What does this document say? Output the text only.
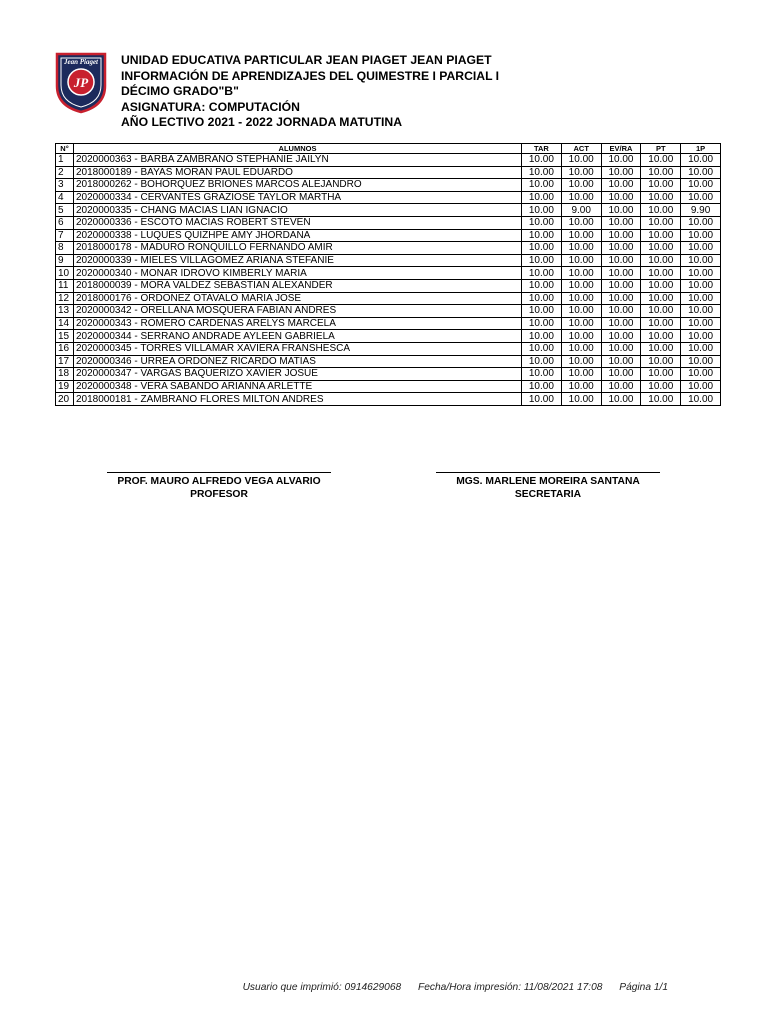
Jean Piaget
JP
UNIDAD EDUCATIVA PARTICULAR JEAN PIAGET JEAN PIAGET
INFORMACIÓN DE APRENDIZAJES DEL QUIMESTRE I PARCIAL I
DÉCIMO GRADO"B"
ASIGNATURA: COMPUTACIÓN
AÑO LECTIVO 2021 - 2022 JORNADA MATUTINA
N°	ALUMNOS	TAR	ACT	EV/RA	PT	1P
1	2020000363 - BARBA ZAMBRANO STEPHANIE JAILYN	10.00	10.00	10.00	10.00	10.00
2	2018000189 - BAYAS MORAN PAUL EDUARDO	10.00	10.00	10.00	10.00	10.00
3	2018000262 - BOHORQUEZ BRIONES MARCOS ALEJANDRO	10.00	10.00	10.00	10.00	10.00
4	2020000334 - CERVANTES GRAZIOSE TAYLOR MARTHA	10.00	10.00	10.00	10.00	10.00
5	2020000335 - CHANG MACIAS LIAN IGNACIO	10.00	9.00	10.00	10.00	9.90
6	2020000336 - ESCOTO MACIAS ROBERT STEVEN	10.00	10.00	10.00	10.00	10.00
7	2020000338 - LUQUES QUIZHPE AMY JHORDANA	10.00	10.00	10.00	10.00	10.00
8	2018000178 - MADURO RONQUILLO FERNANDO AMIR	10.00	10.00	10.00	10.00	10.00
9	2020000339 - MIELES VILLAGOMEZ ARIANA STEFANIE	10.00	10.00	10.00	10.00	10.00
10	2020000340 - MONAR IDROVO KIMBERLY MARIA	10.00	10.00	10.00	10.00	10.00
11	2018000039 - MORA VALDEZ SEBASTIAN ALEXANDER	10.00	10.00	10.00	10.00	10.00
12	2018000176 - ORDOÑEZ OTAVALO MARIA JOSE	10.00	10.00	10.00	10.00	10.00
13	2020000342 - ORELLANA MOSQUERA FABIAN ANDRES	10.00	10.00	10.00	10.00	10.00
14	2020000343 - ROMERO CARDENAS ARELYS MARCELA	10.00	10.00	10.00	10.00	10.00
15	2020000344 - SERRANO ANDRADE AYLEEN GABRIELA	10.00	10.00	10.00	10.00	10.00
16	2020000345 - TORRES VILLAMAR XAVIERA FRANSHESCA	10.00	10.00	10.00	10.00	10.00
17	2020000346 - URREA ORDOÑEZ RICARDO MATIAS	10.00	10.00	10.00	10.00	10.00
18	2020000347 - VARGAS BAQUERIZO XAVIER JOSUE	10.00	10.00	10.00	10.00	10.00
19	2020000348 - VERA SABANDO ARIANNA ARLETTE	10.00	10.00	10.00	10.00	10.00
20	2018000181 - ZAMBRANO FLORES MILTON ANDRES	10.00	10.00	10.00	10.00	10.00
PROF. MAURO ALFREDO VEGA ALVARIO
PROFESOR
MGS. MARLENE MOREIRA SANTANA
SECRETARIA
Usuario que imprimió: 0914629068 Fecha/Hora impresión: 11/08/2021 17:08 Página 1/1
